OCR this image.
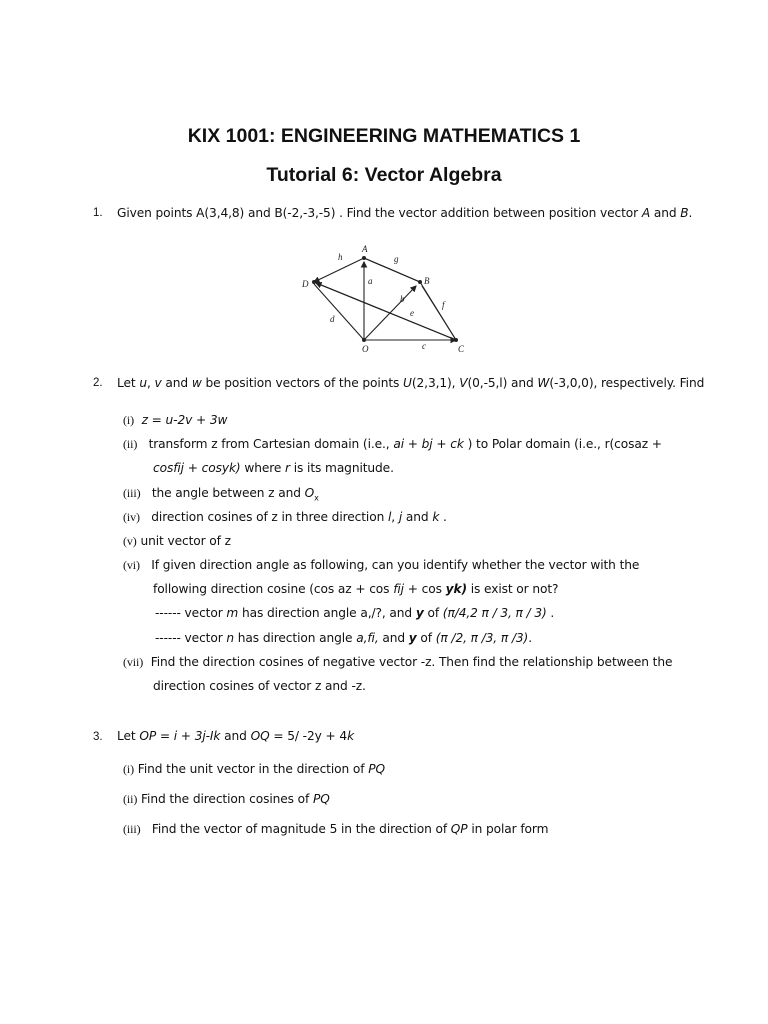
KIX 1001: ENGINEERING MATHEMATICS 1
Tutorial 6: Vector Algebra
1. Given points A(3,4,8) and B(-2,-3,-5) . Find the vector addition between position vector A and B.
A
B
C
D
O
h	g
a
b
f
d
e
c
2. Let u, v and w be position vectors of the points U(2,3,1), V(0,-5,l) and W(-3,0,0), respectively. Find
(i) z = u-2v + 3w
(ii) transform z from Cartesian domain (i.e., ai + bj + ck ) to Polar domain (i.e., r(cosaz +
cosfij + cosyk) where r is its magnitude.
(iii)   the angle between z and $O_x$
(iv)   direction cosines of z in three direction l, j and k .
(v) unit vector of z
(vi) If given direction angle as following, can you identify whether the vector with the
following direction cosine (cos az + cos fij + cos yk) is exist or not?
------ vector m has direction angle a,/?, and y of (π/4,2 π / 3, π / 3) .
------ vector n has direction angle a,fi, and y of (π /2, π /3, π /3).
(vii) Find the direction cosines of negative vector -z. Then find the relationship between the
direction cosines of vector z and -z.
3. Let OP = i + 3j-Ik and OQ = 5/ -2y + 4k
(i) Find the unit vector in the direction of PQ
(ii) Find the direction cosines of PQ
(iii)   Find the vector of magnitude 5 in the direction of QP in polar form
